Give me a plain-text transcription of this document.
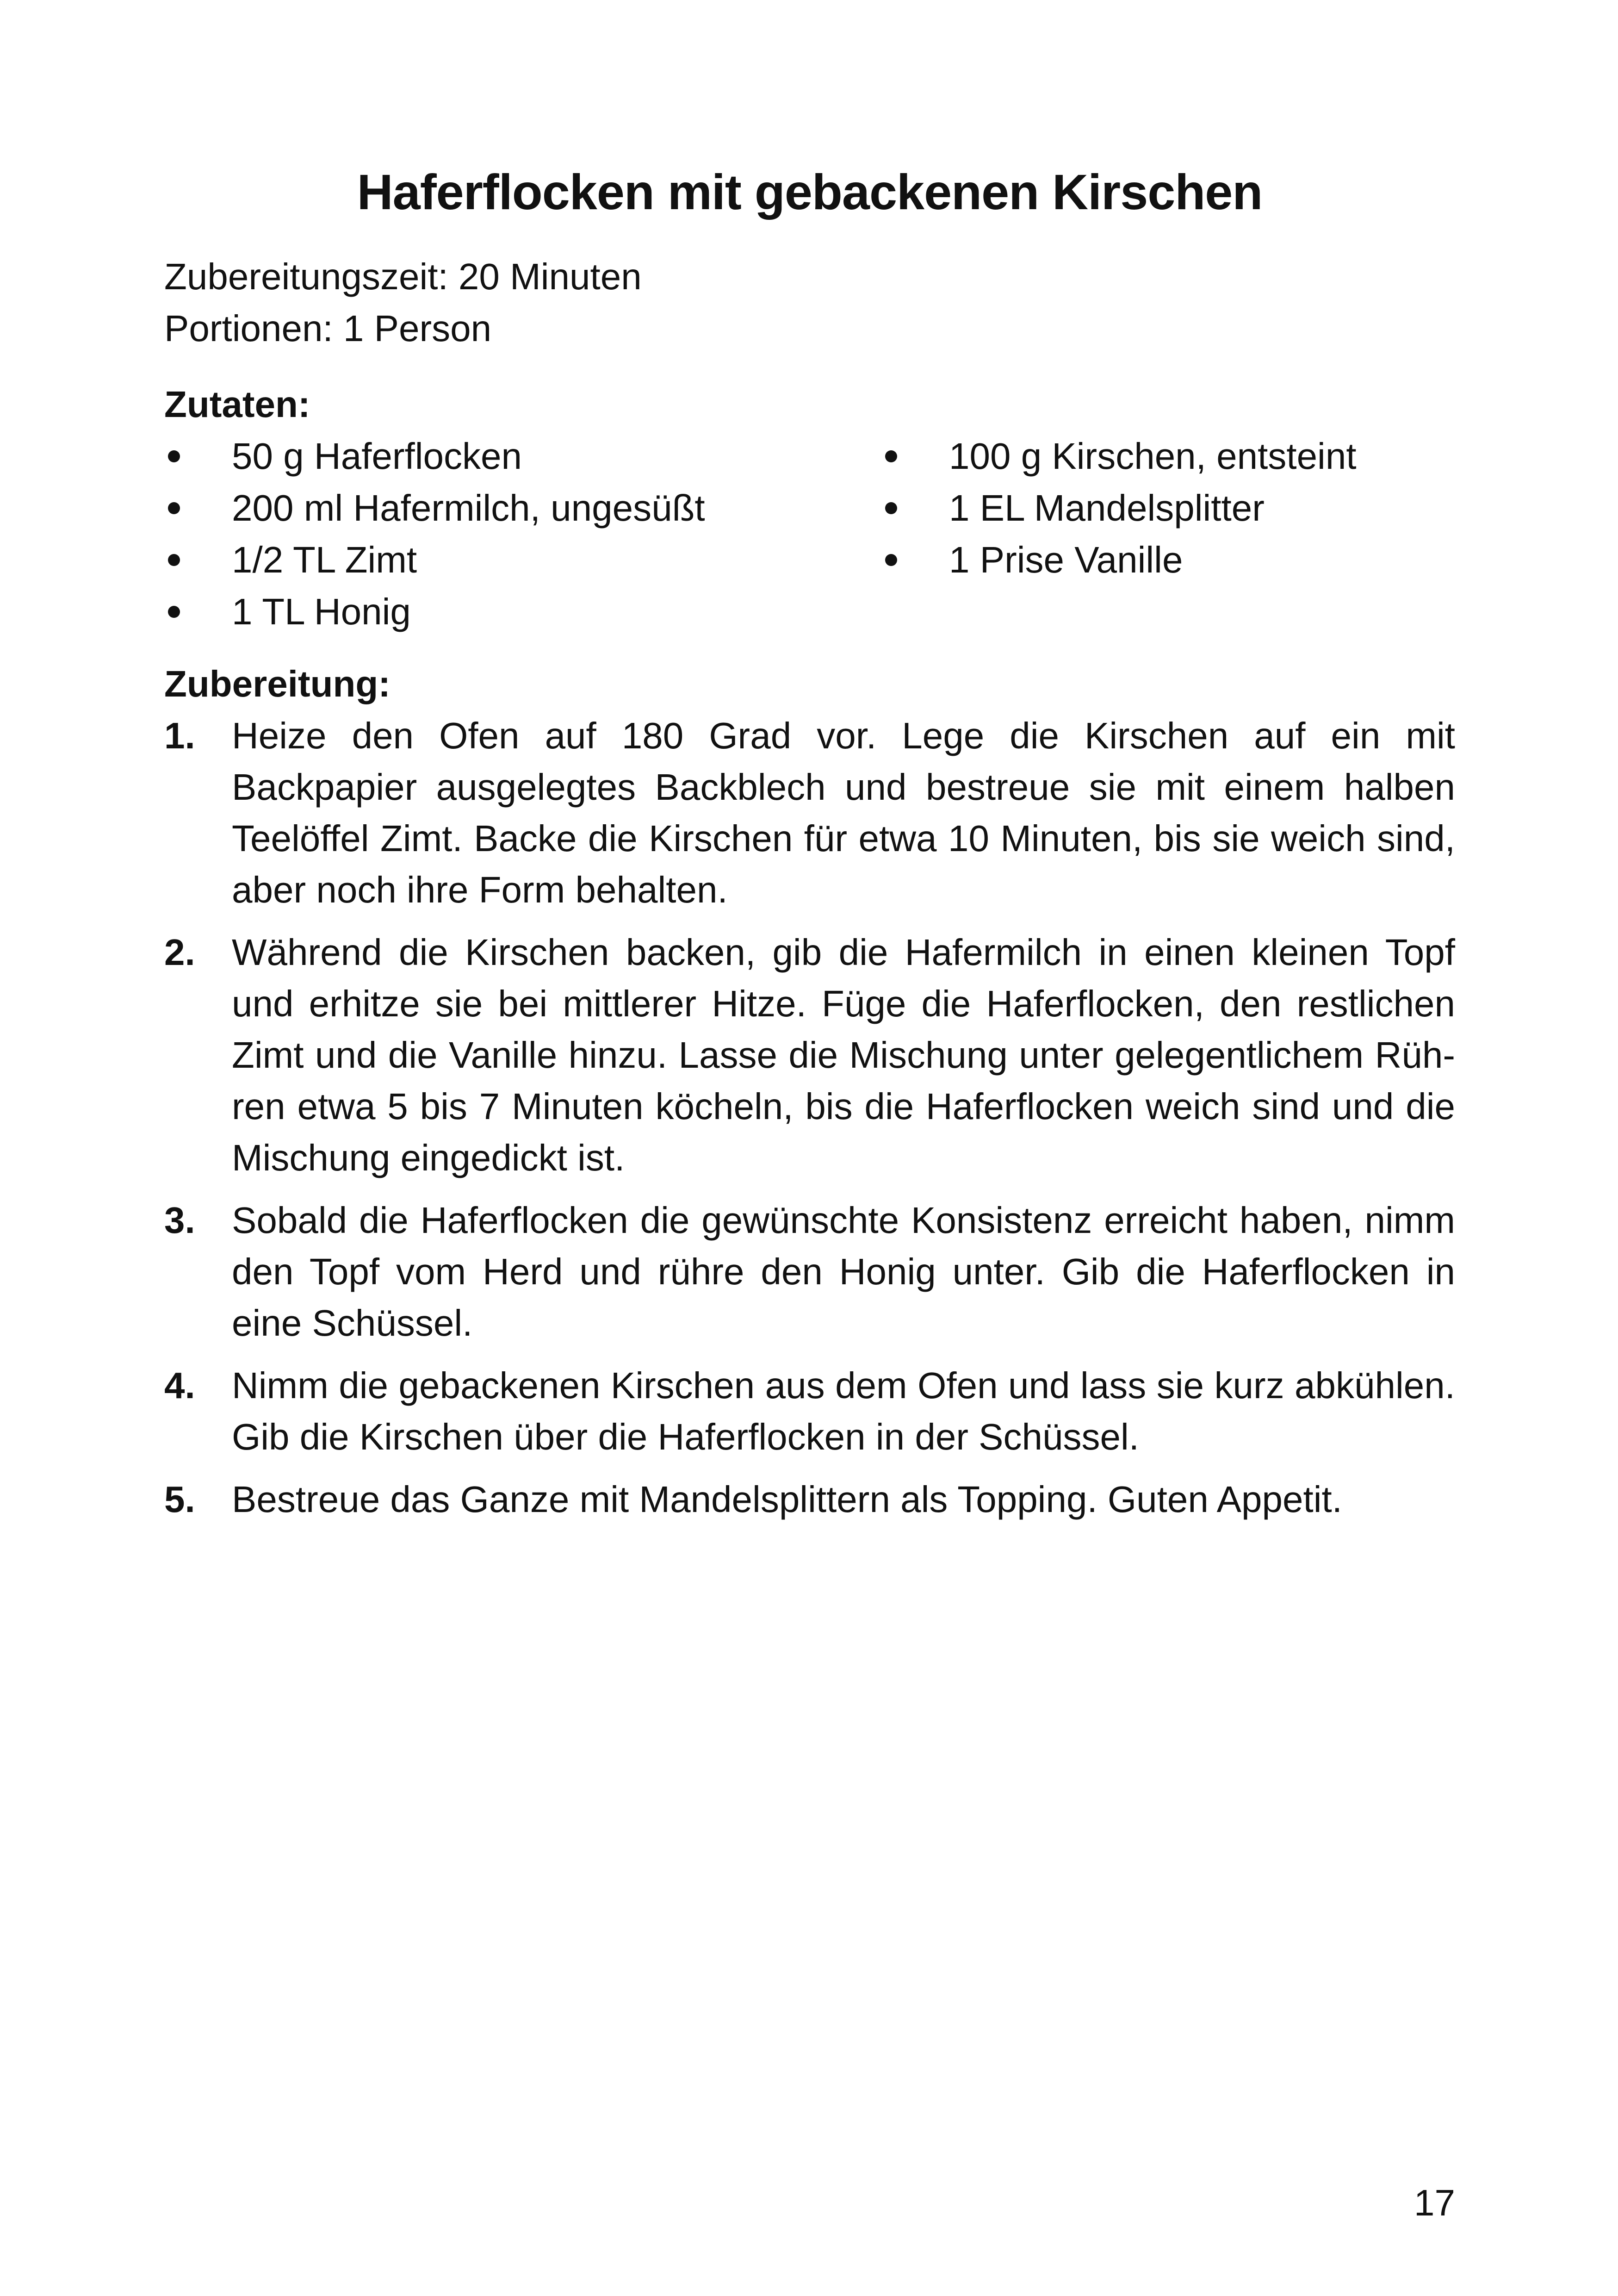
Haferflocken mit gebackenen Kirschen
Zubereitungszeit: 20 Minuten
Portionen: 1 Person
Zutaten:
50 g Haferflocken
200 ml Hafermilch, ungesüßt
1/2 TL Zimt
1 TL Honig
100 g Kirschen, entsteint
1 EL Mandelsplitter
1 Prise Vanille
Zubereitung:
1. Heize den Ofen auf 180 Grad vor. Lege die Kirschen auf ein mit Backpapier ausgelegtes Backblech und bestreue sie mit einem halben Teelöffel Zimt. Backe die Kirschen für etwa 10 Minuten, bis sie weich sind, aber noch ihre Form behalten.
2. Während die Kirschen backen, gib die Hafermilch in einen kleinen Topf und erhitze sie bei mittlerer Hitze. Füge die Haferflocken, den restlichen Zimt und die Vanille hinzu. Lasse die Mischung unter gelegentlichem Rühren etwa 5 bis 7 Minuten köcheln, bis die Haferflocken weich sind und die Mischung eingedickt ist.
3. Sobald die Haferflocken die gewünschte Konsistenz erreicht haben, nimm den Topf vom Herd und rühre den Honig unter. Gib die Haferflocken in eine Schüssel.
4. Nimm die gebackenen Kirschen aus dem Ofen und lass sie kurz abkühlen. Gib die Kirschen über die Haferflocken in der Schüssel.
5. Bestreue das Ganze mit Mandelsplittern als Topping. Guten Appetit.
17
